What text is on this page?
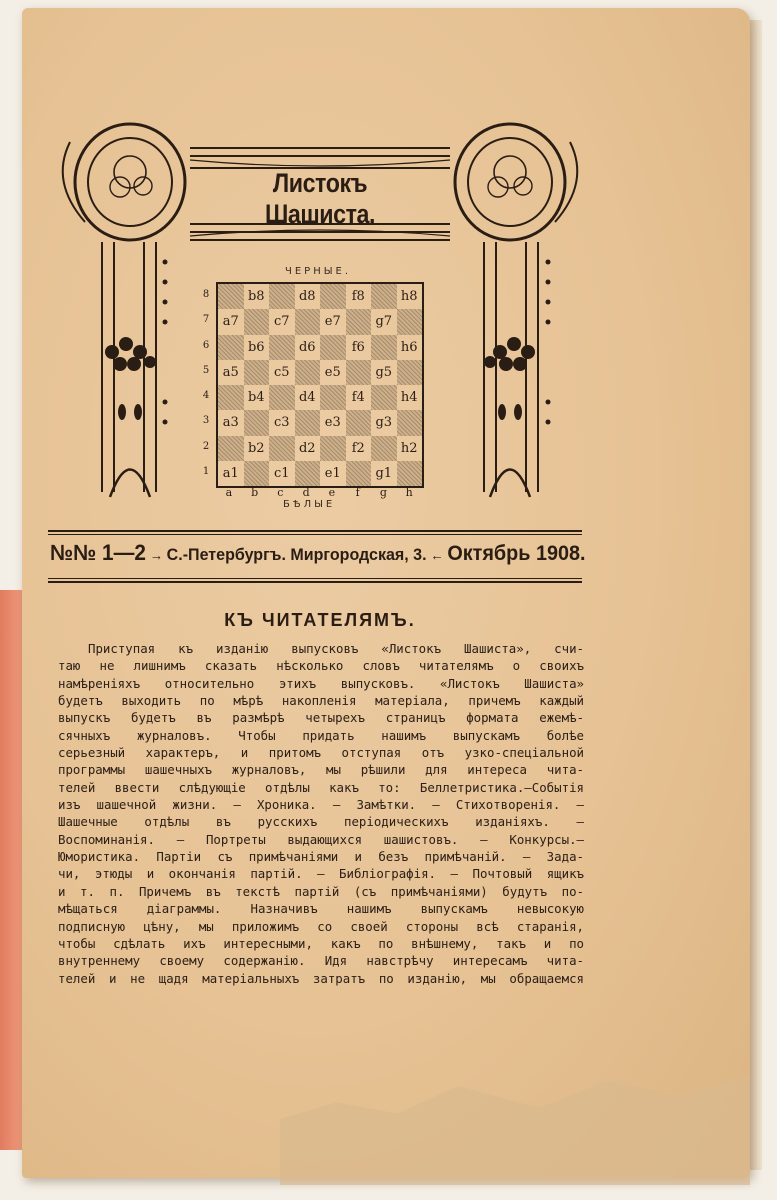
Листокъ Шашиста.
ЧЕРНЫЕ.
8
7
6
5
4
3
2
1
b8	d8	f8	h8
a7	c7	e7	g7
b6	d6	f6	h6
a5	c5	e5	g5
b4	d4	f4	h4
a3	c3	e3	g3
b2	d2	f2	h2
a1	c1	e1	g1
a	b	c	d	e	f	g	h
БѢЛЫЕ
№№ 1—2 → С.-Петербургъ. Миргородская, 3. ← Октябрь 1908.
КЪ ЧИТАТЕЛЯМЪ.
Приступая къ изданію выпусковъ «Листокъ Шашиста», счи-
таю не лишнимъ сказать нѣсколько словъ читателямъ о своихъ
намѣреніяхъ относительно этихъ выпусковъ. «Листокъ Шашиста»
будетъ выходить по мѣрѣ накопленія матеріала, причемъ каждый
выпускъ будетъ въ размѣрѣ четырехъ страницъ формата ежемѣ-
сячныхъ журналовъ. Чтобы придать нашимъ выпускамъ болѣе
серьезный характеръ, и притомъ отступая отъ узко-спеціальной
программы шашечныхъ журналовъ, мы рѣшили для интереса чита-
телей ввести слѣдующіе отдѣлы какъ то: Беллетристика.—Событія
изъ шашечной жизни. — Хроника. — Замѣтки. — Стихотворенія. —
Шашечные отдѣлы въ русскихъ періодическихъ изданіяхъ. —
Воспоминанія. — Портреты выдающихся шашистовъ. — Конкурсы.—
Юмористика. Партіи съ примѣчаніями и безъ примѣчаній. — Зада-
чи, этюды и окончанія партій. — Библіографія. — Почтовый ящикъ
и т. п. Причемъ въ текстѣ партій (съ примѣчаніями) будутъ по-
мѣщаться діаграммы. Назначивъ нашимъ выпускамъ невысокую
подписную цѣну, мы приложимъ со своей стороны всѣ старанія,
чтобы сдѣлать ихъ интересными, какъ по внѣшнему, такъ и по
внутреннему своему содержанію. Идя навстрѣчу интересамъ чита-
телей и не щадя матеріальныхъ затратъ по изданію, мы обращаемся
